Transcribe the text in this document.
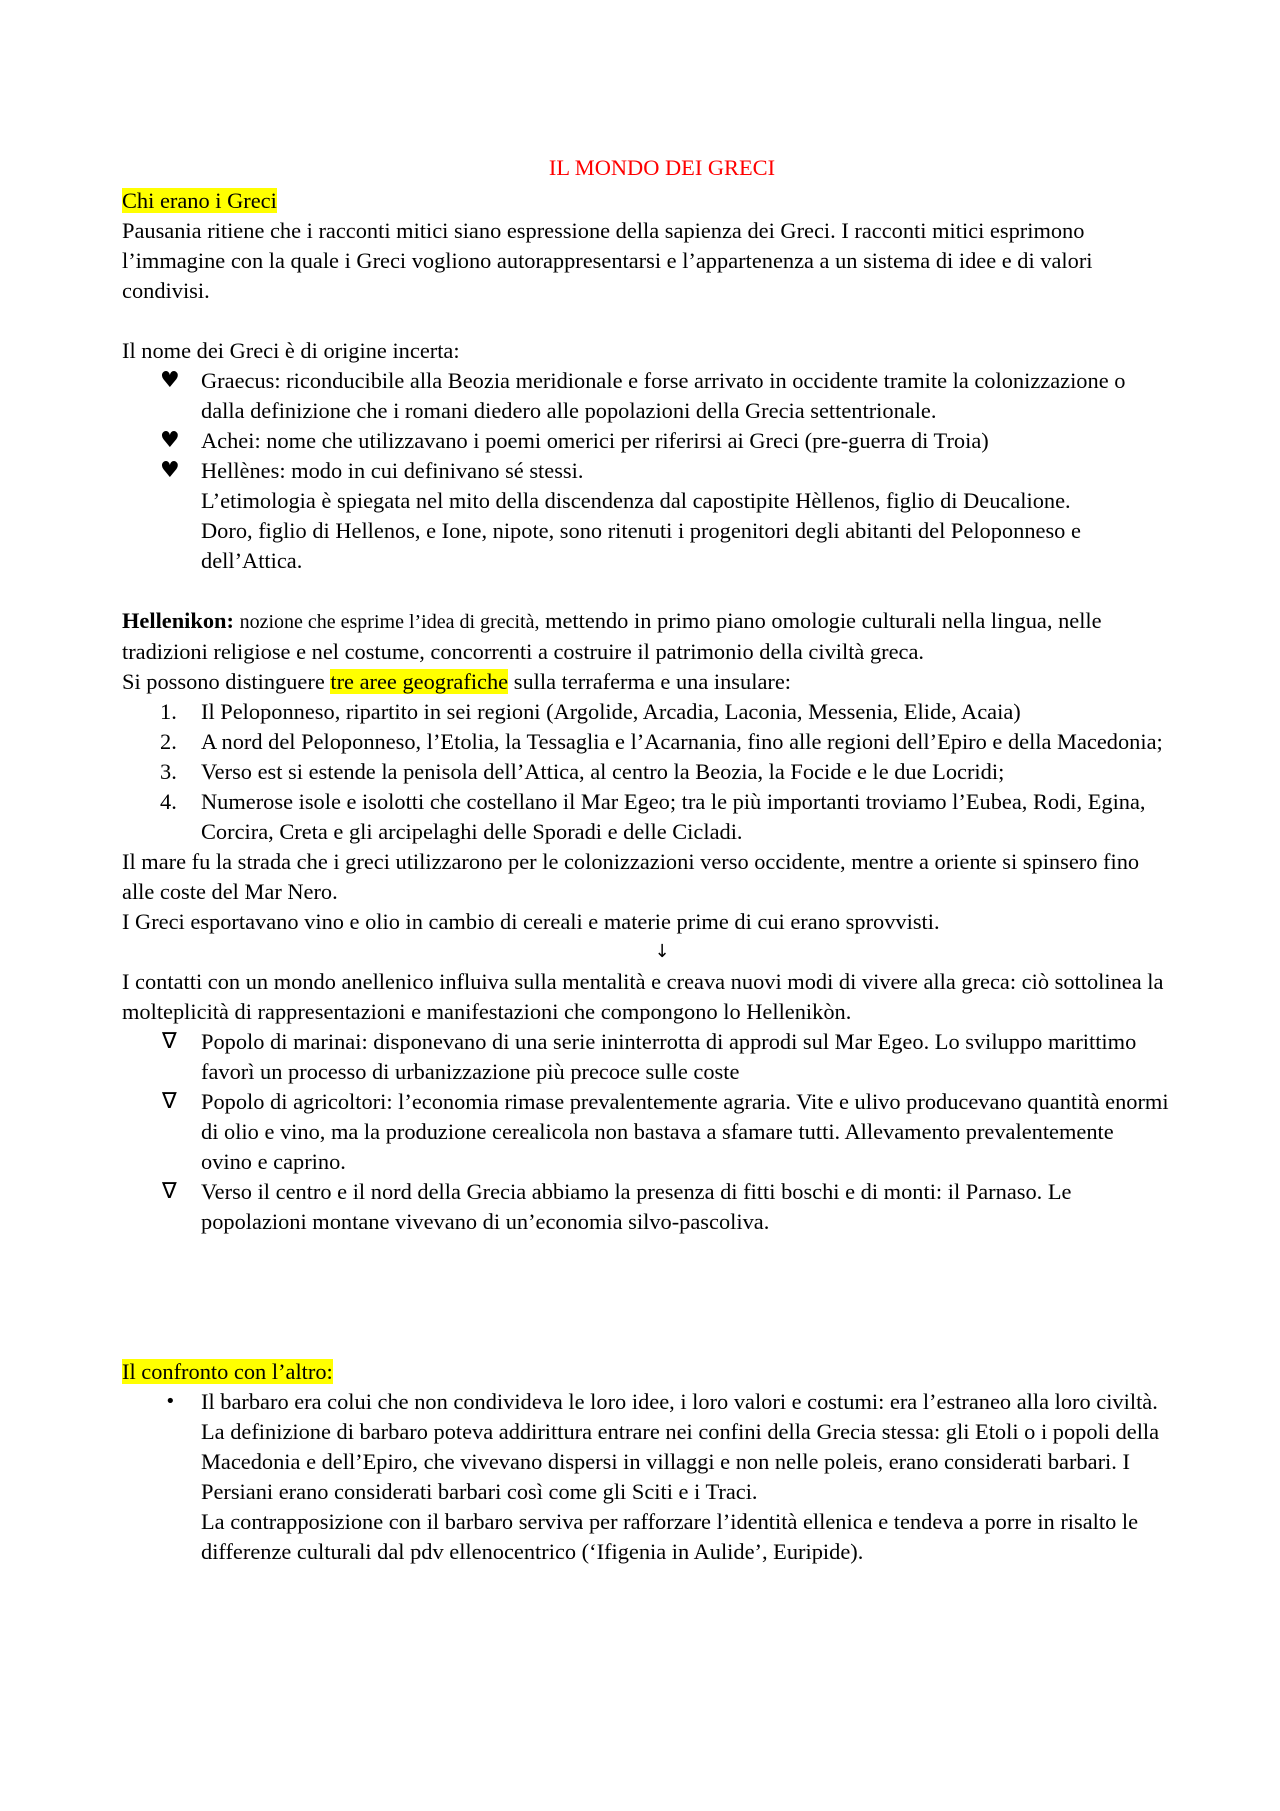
IL MONDO DEI GRECI

Chi erano i Greci

Pausania ritiene che i racconti mitici siano espressione della sapienza dei Greci. I racconti mitici esprimono l’immagine con la quale i Greci vogliono autorappresentarsi e l’appartenenza a un sistema di idee e di valori condivisi.

Il nome dei Greci è di origine incerta:

♥ Graecus: riconducibile alla Beozia meridionale e forse arrivato in occidente tramite la colonizzazione o dalla definizione che i romani diedero alle popolazioni della Grecia settentrionale.
♥ Achei: nome che utilizzavano i poemi omerici per riferirsi ai Greci (pre-guerra di Troia)
♥ Hellènes: modo in cui definivano sé stessi.
L’etimologia è spiegata nel mito della discendenza dal capostipite Hèllenos, figlio di Deucalione.
Doro, figlio di Hellenos, e Ione, nipote, sono ritenuti i progenitori degli abitanti del Peloponneso e dell’Attica.

Hellenikon: nozione che esprime l’idea di grecità, mettendo in primo piano omologie culturali nella lingua, nelle tradizioni religiose e nel costume, concorrenti a costruire il patrimonio della civiltà greca.

Si possono distinguere tre aree geografiche sulla terraferma e una insulare:

1.	Il Peloponneso, ripartito in sei regioni (Argolide, Arcadia, Laconia, Messenia, Elide, Acaia)
2.	A nord del Peloponneso, l’Etolia, la Tessaglia e l’Acarnania, fino alle regioni dell’Epiro e della Macedonia;
3.	Verso est si estende la penisola dell’Attica, al centro la Beozia, la Focide e le due Locridi;
4.	Numerose isole e isolotti che costellano il Mar Egeo; tra le più importanti troviamo l’Eubea, Rodi, Egina, Corcira, Creta e gli arcipelaghi delle Sporadi e delle Cicladi.

Il mare fu la strada che i greci utilizzarono per le colonizzazioni verso occidente, mentre a oriente si spinsero fino alle coste del Mar Nero.

I Greci esportavano vino e olio in cambio di cereali e materie prime di cui erano sprovvisti.

↓

I contatti con un mondo anellenico influiva sulla mentalità e creava nuovi modi di vivere alla greca: ciò sottolinea la molteplicità di rappresentazioni e manifestazioni che compongono lo Hellenikòn.

∇	Popolo di marinai: disponevano di una serie ininterrotta di approdi sul Mar Egeo. Lo sviluppo marittimo favorì un processo di urbanizzazione più precoce sulle coste
∇	Popolo di agricoltori: l’economia rimase prevalentemente agraria. Vite e ulivo producevano quantità enormi di olio e vino, ma la produzione cerealicola non bastava a sfamare tutti. Allevamento prevalentemente ovino e caprino.
∇	Verso il centro e il nord della Grecia abbiamo la presenza di fitti boschi e di monti: il Parnaso. Le popolazioni montane vivevano di un’economia silvo-pascoliva.

Il confronto con l’altro:

•	Il barbaro era colui che non condivideva le loro idee, i loro valori e costumi: era l’estraneo alla loro civiltà.
La definizione di barbaro poteva addirittura entrare nei confini della Grecia stessa: gli Etoli o i popoli della Macedonia e dell’Epiro, che vivevano dispersi in villaggi e non nelle poleis, erano considerati barbari. I Persiani erano considerati barbari così come gli Sciti e i Traci.
La contrapposizione con il barbaro serviva per rafforzare l’identità ellenica e tendeva a porre in risalto le differenze culturali dal pdv ellenocentrico (‘Ifigenia in Aulide’, Euripide).
